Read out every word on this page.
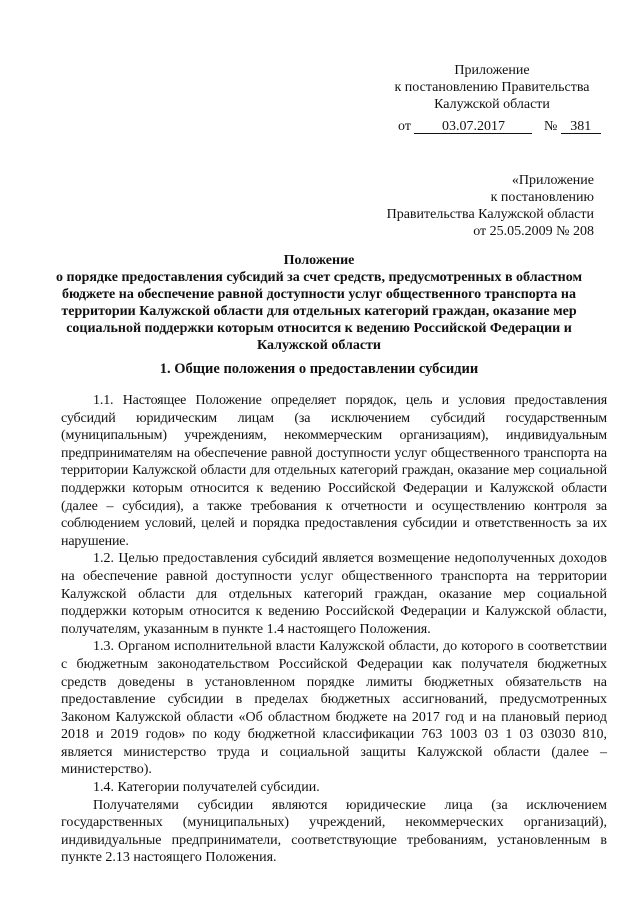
Приложение
к постановлению Правительства
Калужской области
от 03.07.2017	№ 381
«Приложение
к постановлению
Правительства Калужской области
от 25.05.2009 № 208
Положение
о порядке предоставления субсидий за счет средств, предусмотренных в областном
бюджете на обеспечение равной доступности услуг общественного транспорта на
территории Калужской области для отдельных категорий граждан, оказание мер
социальной поддержки которым относится к ведению Российской Федерации и
Калужской области
1. Общие положения о предоставлении субсидии

1.1. Настоящее Положение определяет порядок, цель и условия предоставления субсидий юридическим лицам (за исключением субсидий государственным (муниципальным) учреждениям, некоммерческим организациям), индивидуальным предпринимателям на обеспечение равной доступности услуг общественного транспорта на территории Калужской области для отдельных категорий граждан, оказание мер социальной поддержки которым относится к ведению Российской Федерации и Калужской области (далее – субсидия), а также требования к отчетности и осуществлению контроля за соблюдением условий, целей и порядка предоставления субсидии и ответственность за их нарушение.

1.2. Целью предоставления субсидий является возмещение недополученных доходов на обеспечение равной доступности услуг общественного транспорта на территории Калужской области для отдельных категорий граждан, оказание мер социальной поддержки которым относится к ведению Российской Федерации и Калужской области, получателям, указанным в пункте 1.4 настоящего Положения.

1.3. Органом исполнительной власти Калужской области, до которого в соответствии с бюджетным законодательством Российской Федерации как получателя бюджетных средств доведены в установленном порядке лимиты бюджетных обязательств на предоставление субсидии в пределах бюджетных ассигнований, предусмотренных Законом Калужской области «Об областном бюджете на 2017 год и на плановый период 2018 и 2019 годов» по коду бюджетной классификации 763 1003 03 1 03 03030 810, является министерство труда и социальной защиты Калужской области (далее – министерство).

1.4. Категории получателей субсидии.

Получателями субсидии являются юридические лица (за исключением государственных (муниципальных) учреждений, некоммерческих организаций), индивидуальные предприниматели, соответствующие требованиям, установленным в пункте 2.13 настоящего Положения.
